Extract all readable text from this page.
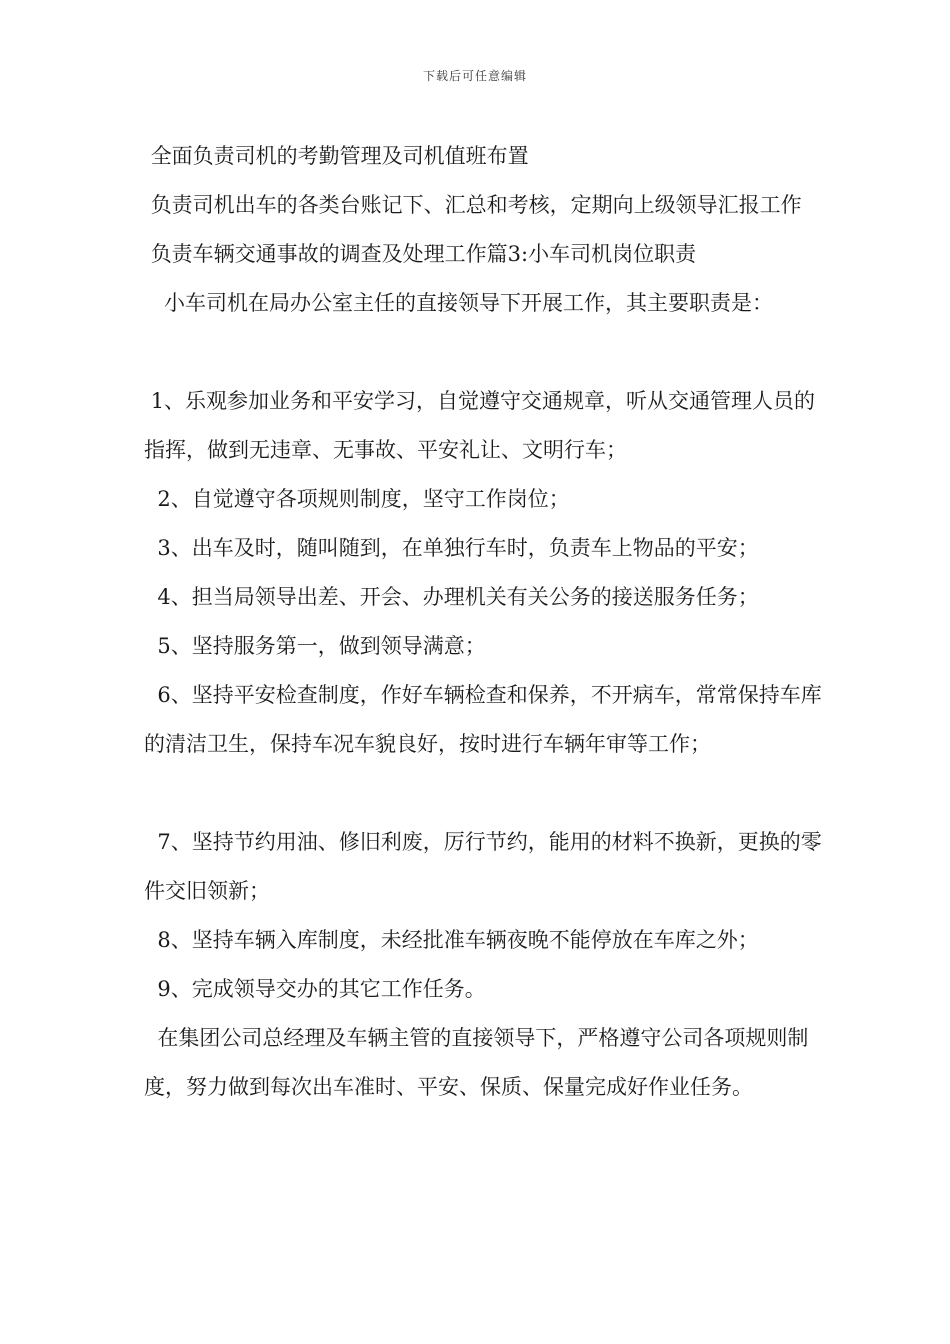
下载后可任意编辑

全面负责司机的考勤管理及司机值班布置

负责司机出车的各类台账记下、汇总和考核，定期向上级领导汇报工作

负责车辆交通事故的调查及处理工作篇3:小车司机岗位职责

小车司机在局办公室主任的直接领导下开展工作，其主要职责是：

1、乐观参加业务和平安学习，自觉遵守交通规章，听从交通管理人员的指挥，做到无违章、无事故、平安礼让、文明行车；

2、自觉遵守各项规则制度，坚守工作岗位；

3、出车及时，随叫随到，在单独行车时，负责车上物品的平安；

4、担当局领导出差、开会、办理机关有关公务的接送服务任务；

5、坚持服务第一，做到领导满意；

6、坚持平安检查制度，作好车辆检查和保养，不开病车，常常保持车库的清洁卫生，保持车况车貌良好，按时进行车辆年审等工作；

7、坚持节约用油、修旧利废，厉行节约，能用的材料不换新，更换的零件交旧领新；

8、坚持车辆入库制度，未经批准车辆夜晚不能停放在车库之外；

9、完成领导交办的其它工作任务。

在集团公司总经理及车辆主管的直接领导下，严格遵守公司各项规则制度，努力做到每次出车准时、平安、保质、保量完成好作业任务。
